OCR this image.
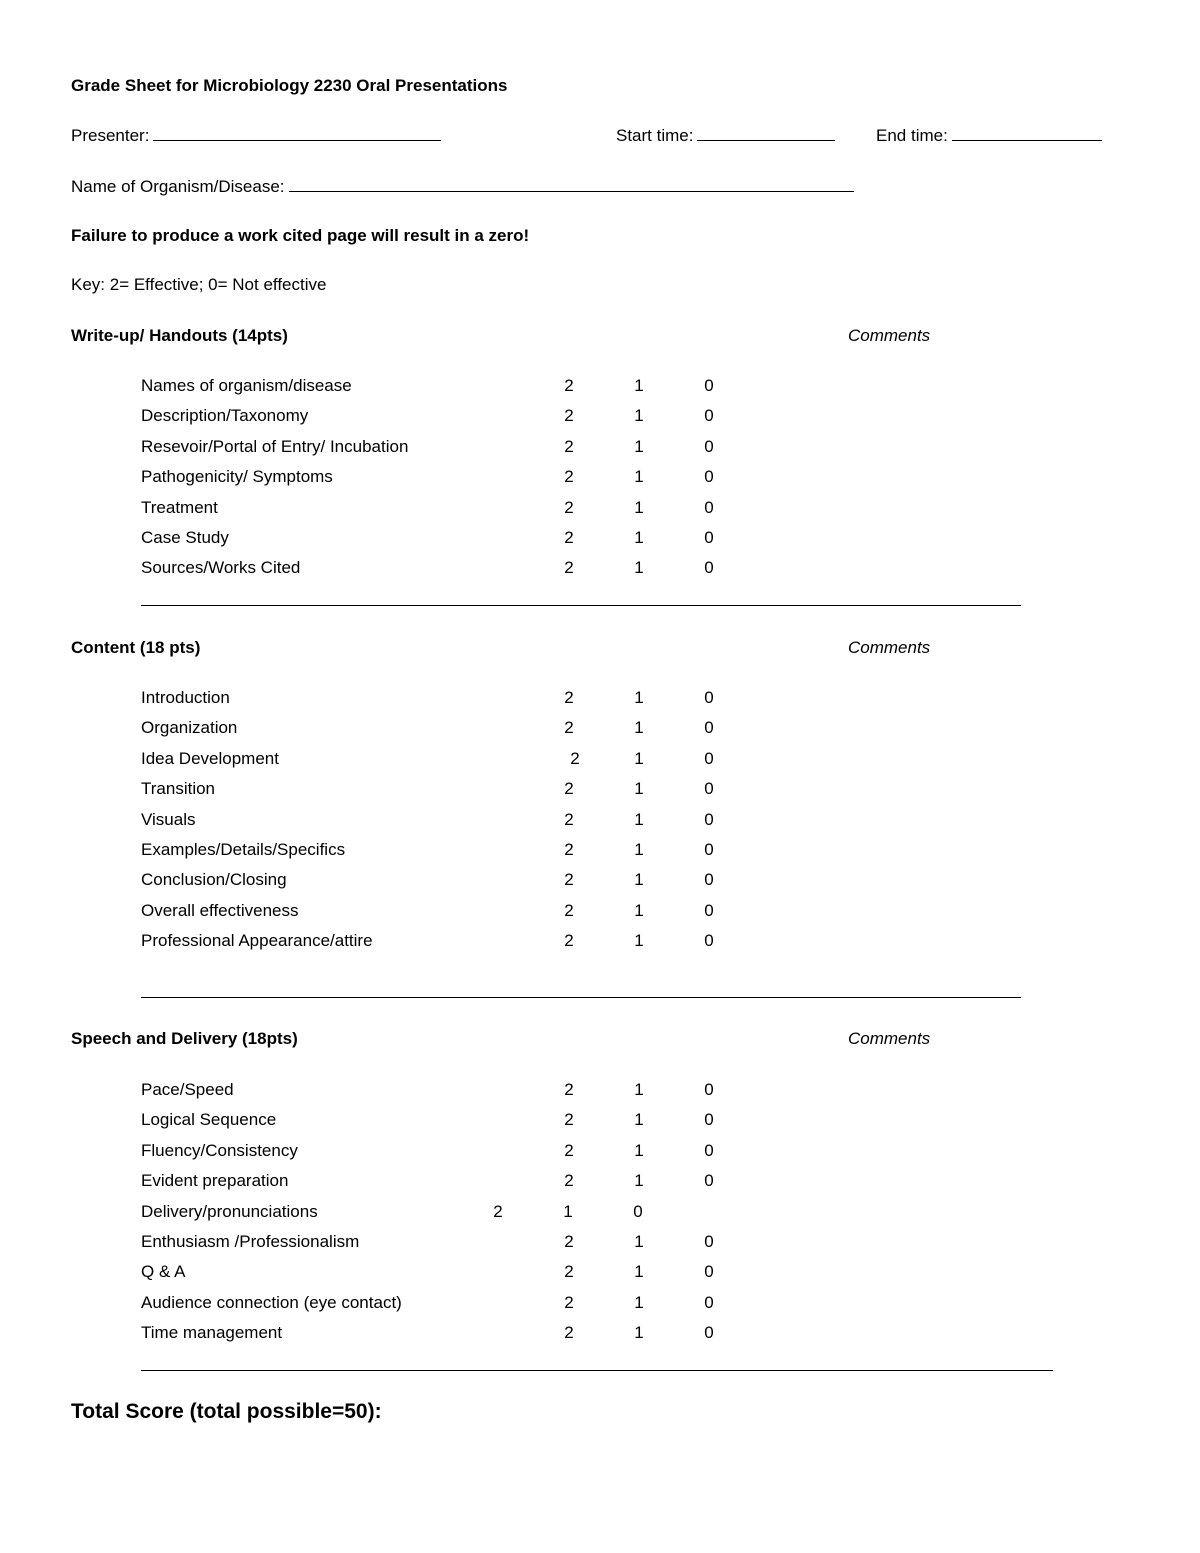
Grade Sheet for Microbiology 2230 Oral Presentations
Presenter:	Start time:	End time:
Name of Organism/Disease:
Failure to produce a work cited page will result in a zero!
Key: 2= Effective; 0= Not effective
Write-up/ Handouts (14pts)	Comments
Names of organism/disease	2	1	0
Description/Taxonomy	2	1	0
Resevoir/Portal of Entry/ Incubation	2	1	0
Pathogenicity/ Symptoms	2	1	0
Treatment	2	1	0
Case Study	2	1	0
Sources/Works Cited	2	1	0
Content (18 pts)	Comments
Introduction	2	1	0
Organization	2	1	0
Idea Development	2	1	0
Transition	2	1	0
Visuals	2	1	0
Examples/Details/Specifics	2	1	0
Conclusion/Closing	2	1	0
Overall effectiveness	2	1	0
Professional Appearance/attire	2	1	0
Speech and Delivery (18pts)	Comments
Pace/Speed	2	1	0
Logical Sequence	2	1	0
Fluency/Consistency	2	1	0
Evident preparation	2	1	0
Delivery/pronunciations	2	1	0
Enthusiasm /Professionalism	2	1	0
Q & A	2	1	0
Audience connection (eye contact)	2	1	0
Time management	2	1	0
Total Score (total possible=50):
